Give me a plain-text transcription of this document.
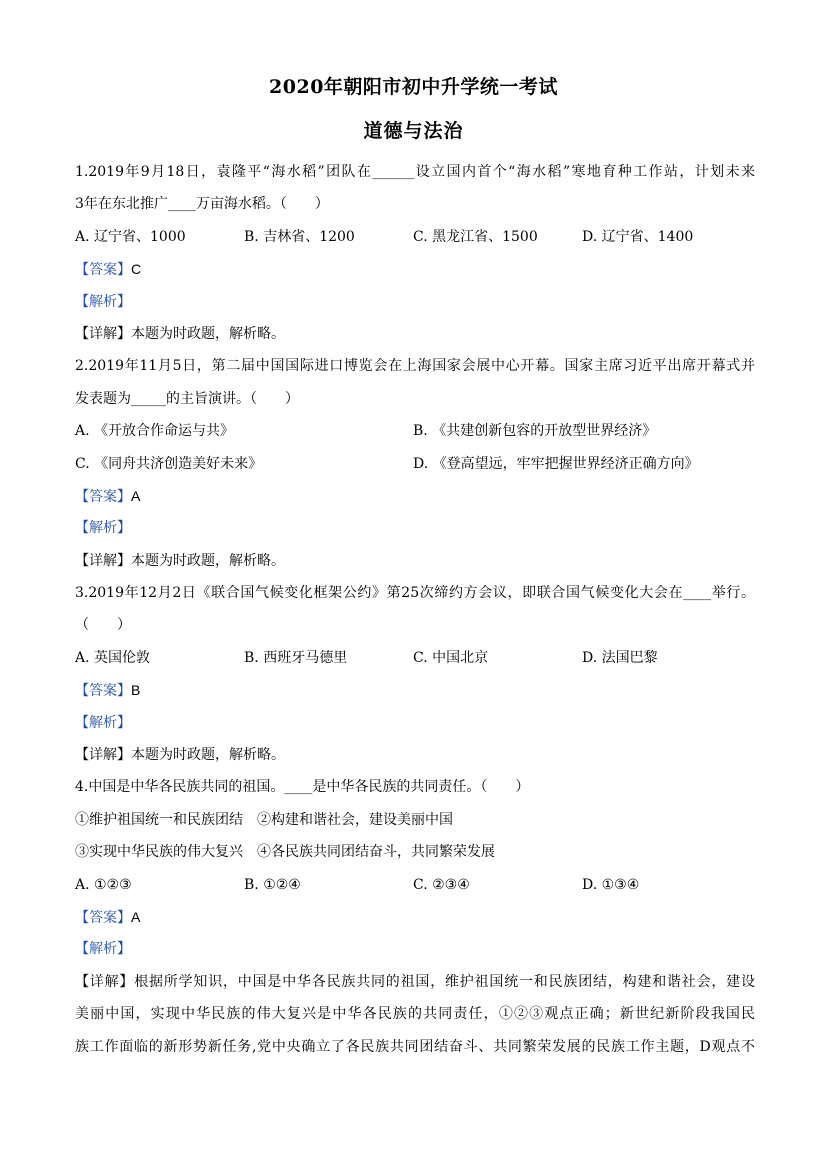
2020年朝阳市初中升学统一考试
道德与法治
1.2019年9月18日，袁隆平“海水稻”团队在______设立国内首个“海水稻”寒地育种工作站，计划未来
3年在东北推广____万亩海水稻。（　　）
A. 辽宁省、1000	B. 吉林省、1200	C. 黑龙江省、1500	D. 辽宁省、1400
【答案】C
【解析】
【详解】本题为时政题，解析略。
2.2019年11月5日，第二届中国国际进口博览会在上海国家会展中心开幕。国家主席习近平出席开幕式并
发表题为_____的主旨演讲。（　　）
A. 《开放合作命运与共》	B. 《共建创新包容的开放型世界经济》
C. 《同舟共济创造美好未来》	D. 《登高望远，牢牢把握世界经济正确方向》
【答案】A
【解析】
【详解】本题为时政题，解析略。
3.2019年12月2日《联合国气候变化框架公约》第25次缔约方会议，即联合国气候变化大会在____举行。
（　　）
A. 英国伦敦	B. 西班牙马德里	C. 中国北京	D. 法国巴黎
【答案】B
【解析】
【详解】本题为时政题，解析略。
4.中国是中华各民族共同的祖国。____是中华各民族的共同责任。（　　）
①维护祖国统一和民族团结　②构建和谐社会，建设美丽中国
③实现中华民族的伟大复兴　④各民族共同团结奋斗，共同繁荣发展
A. ①②③	B. ①②④	C. ②③④	D. ①③④
【答案】A
【解析】
【详解】根据所学知识，中国是中华各民族共同的祖国，维护祖国统一和民族团结，构建和谐社会，建设
美丽中国，实现中华民族的伟大复兴是中华各民族的共同责任，①②③观点正确；新世纪新阶段我国民
族工作面临的新形势新任务,党中央确立了各民族共同团结奋斗、共同繁荣发展的民族工作主题，D观点不
